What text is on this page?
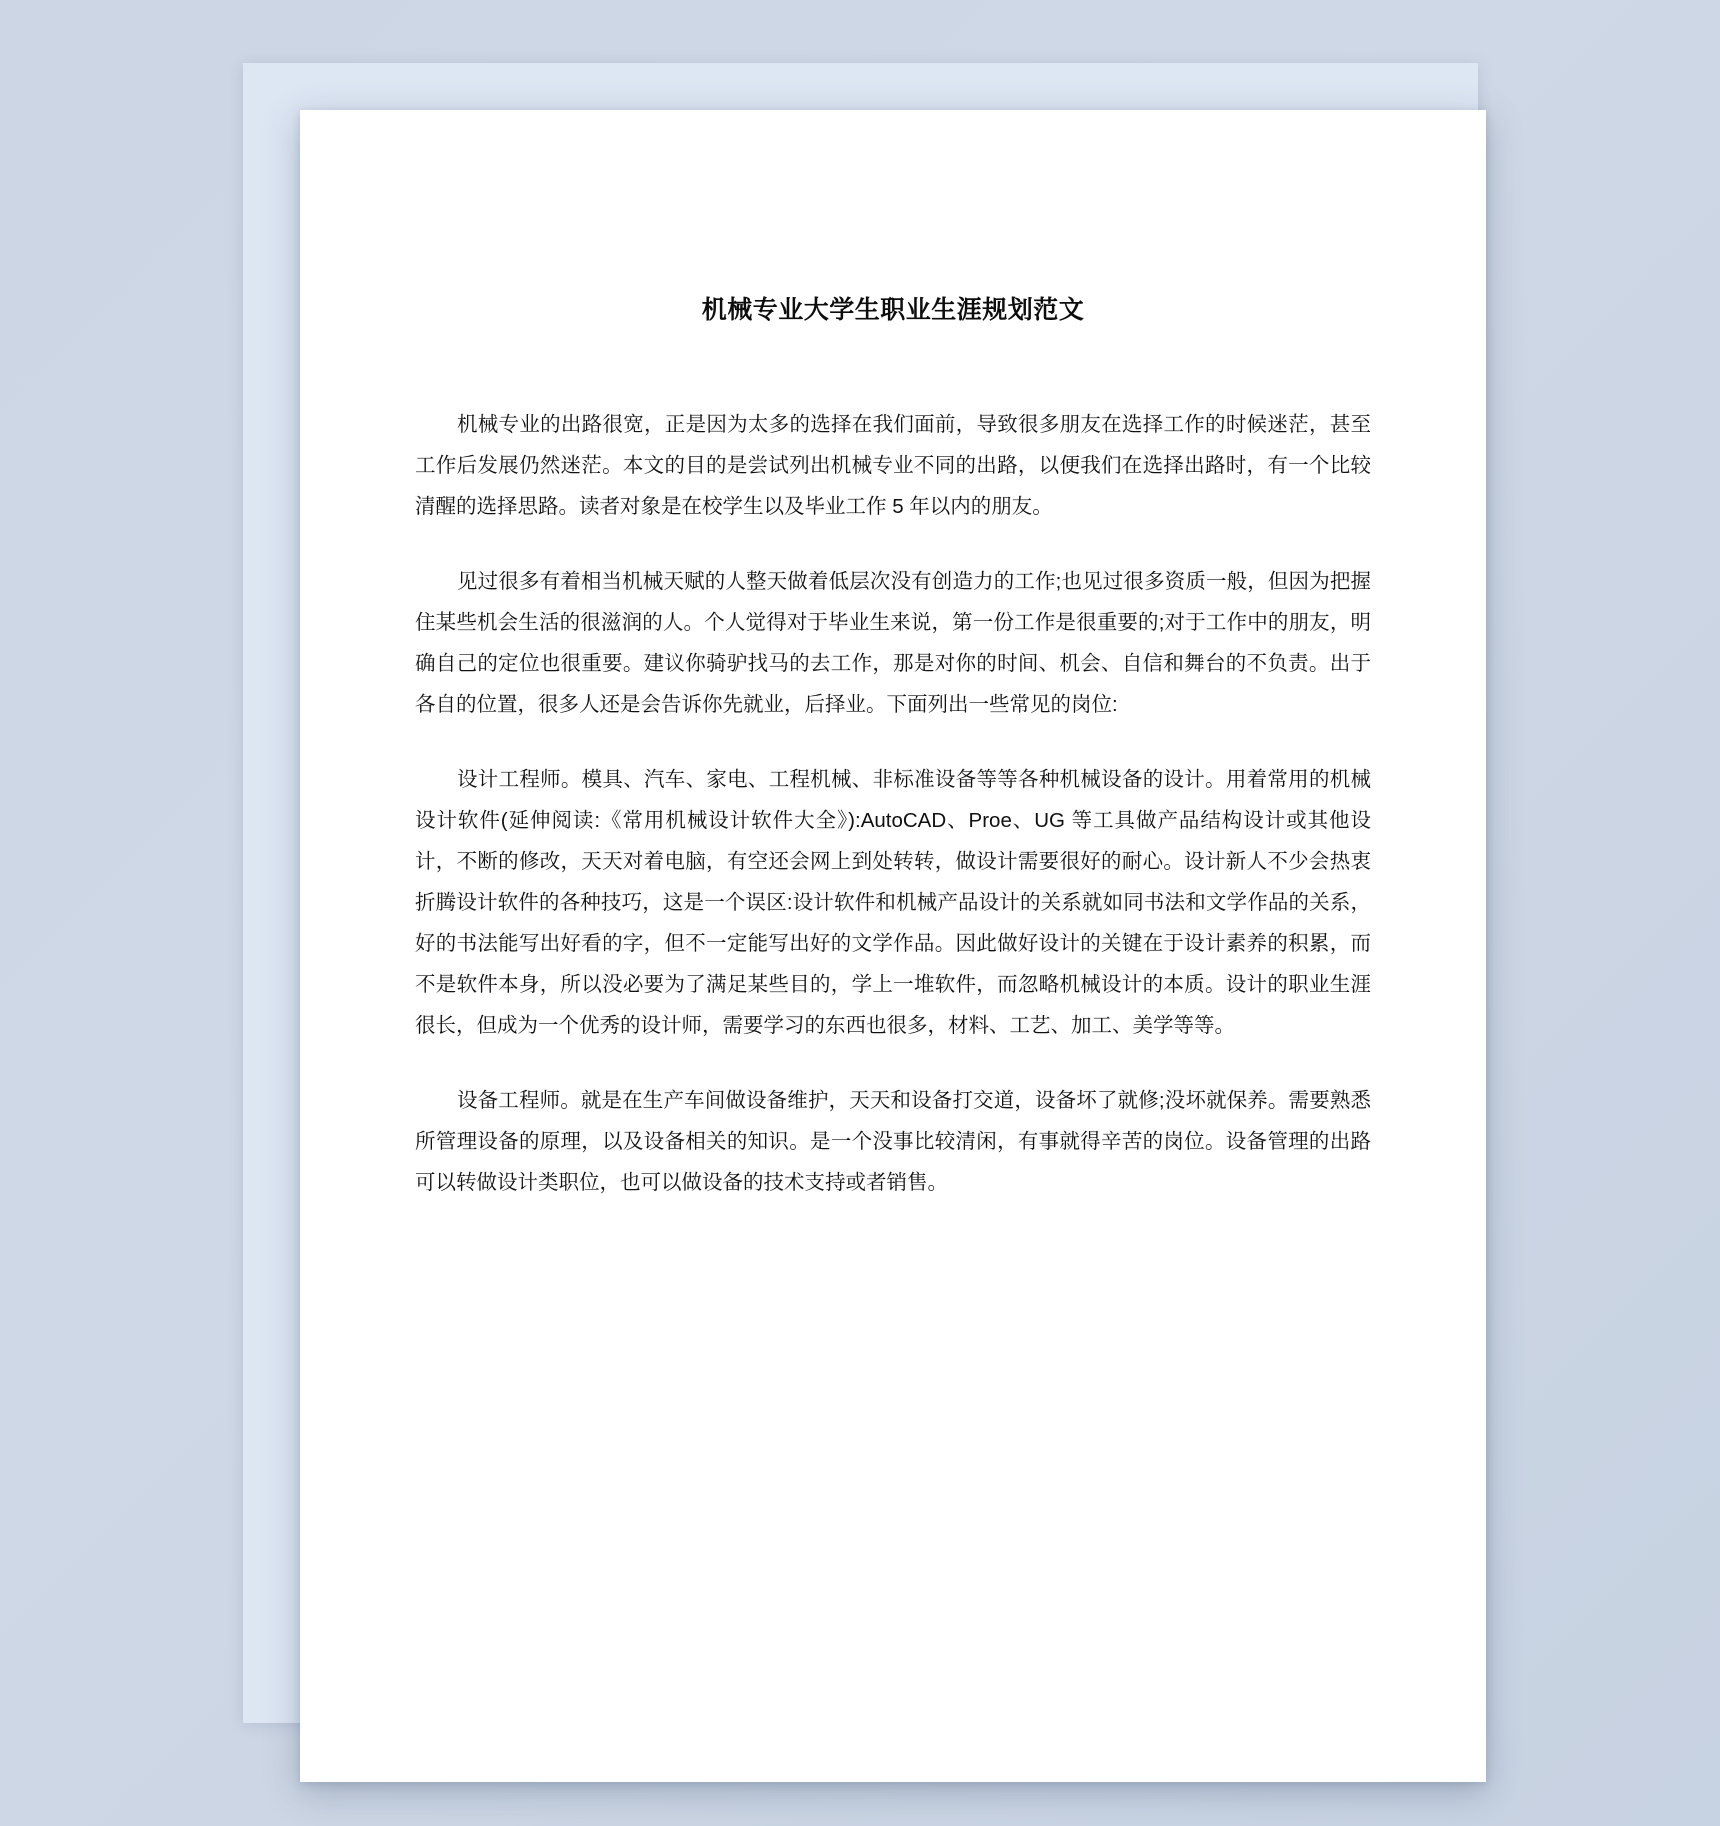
机械专业大学生职业生涯规划范文

机械专业的出路很宽，正是因为太多的选择在我们面前，导致很多朋友在选择工作的时候迷茫，甚至工作后发展仍然迷茫。本文的目的是尝试列出机械专业不同的出路，以便我们在选择出路时，有一个比较清醒的选择思路。读者对象是在校学生以及毕业工作 5 年以内的朋友。

见过很多有着相当机械天赋的人整天做着低层次没有创造力的工作;也见过很多资质一般，但因为把握住某些机会生活的很滋润的人。个人觉得对于毕业生来说，第一份工作是很重要的;对于工作中的朋友，明确自己的定位也很重要。建议你骑驴找马的去工作，那是对你的时间、机会、自信和舞台的不负责。出于各自的位置，很多人还是会告诉你先就业，后择业。下面列出一些常见的岗位:

设计工程师。模具、汽车、家电、工程机械、非标准设备等等各种机械设备的设计。用着常用的机械设计软件(延伸阅读:《常用机械设计软件大全》):AutoCAD、Proe、UG 等工具做产品结构设计或其他设计，不断的修改，天天对着电脑，有空还会网上到处转转，做设计需要很好的耐心。设计新人不少会热衷折腾设计软件的各种技巧，这是一个误区:设计软件和机械产品设计的关系就如同书法和文学作品的关系，好的书法能写出好看的字，但不一定能写出好的文学作品。因此做好设计的关键在于设计素养的积累，而不是软件本身，所以没必要为了满足某些目的，学上一堆软件，而忽略机械设计的本质。设计的职业生涯很长，但成为一个优秀的设计师，需要学习的东西也很多，材料、工艺、加工、美学等等。

设备工程师。就是在生产车间做设备维护，天天和设备打交道，设备坏了就修;没坏就保养。需要熟悉所管理设备的原理，以及设备相关的知识。是一个没事比较清闲，有事就得辛苦的岗位。设备管理的出路可以转做设计类职位，也可以做设备的技术支持或者销售。
